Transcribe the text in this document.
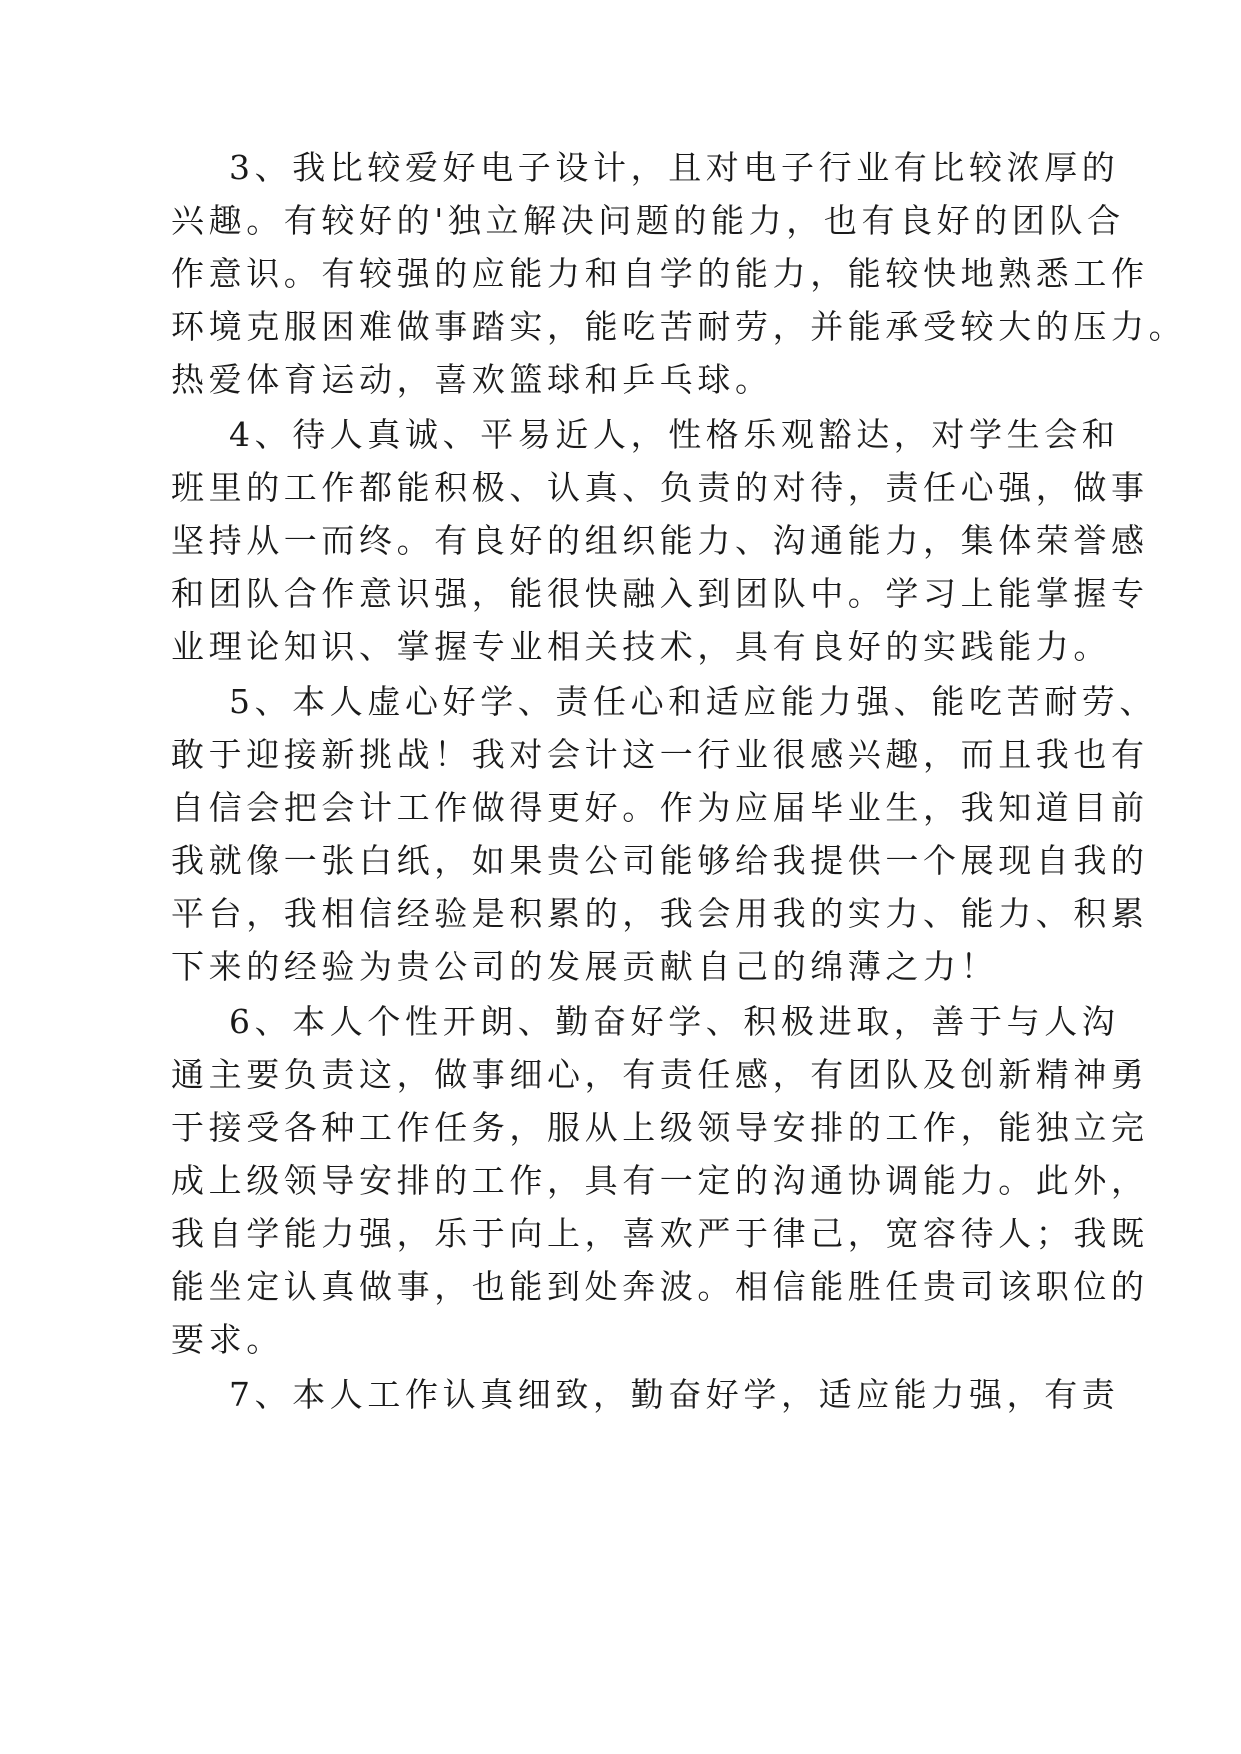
3、我比较爱好电子设计，且对电子行业有比较浓厚的
兴趣。有较好的'独立解决问题的能力，也有良好的团队合
作意识。有较强的应能力和自学的能力，能较快地熟悉工作
环境克服困难做事踏实，能吃苦耐劳，并能承受较大的压力。
热爱体育运动，喜欢篮球和乒乓球。
4、待人真诚、平易近人，性格乐观豁达，对学生会和
班里的工作都能积极、认真、负责的对待，责任心强，做事
坚持从一而终。有良好的组织能力、沟通能力，集体荣誉感
和团队合作意识强，能很快融入到团队中。学习上能掌握专
业理论知识、掌握专业相关技术，具有良好的实践能力。
5、本人虚心好学、责任心和适应能力强、能吃苦耐劳、
敢于迎接新挑战！我对会计这一行业很感兴趣，而且我也有
自信会把会计工作做得更好。作为应届毕业生，我知道目前
我就像一张白纸，如果贵公司能够给我提供一个展现自我的
平台，我相信经验是积累的，我会用我的实力、能力、积累
下来的经验为贵公司的发展贡献自己的绵薄之力！
6、本人个性开朗、勤奋好学、积极进取，善于与人沟
通主要负责这，做事细心，有责任感，有团队及创新精神勇
于接受各种工作任务，服从上级领导安排的工作，能独立完
成上级领导安排的工作，具有一定的沟通协调能力。此外，
我自学能力强，乐于向上，喜欢严于律己，宽容待人；我既
能坐定认真做事，也能到处奔波。相信能胜任贵司该职位的
要求。
7、本人工作认真细致，勤奋好学，适应能力强，有责
